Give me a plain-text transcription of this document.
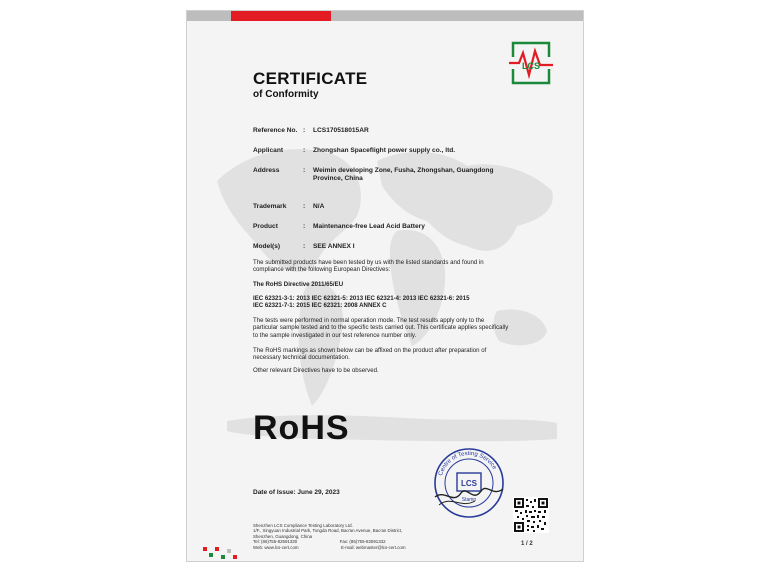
LCS
CERTIFICATE
of Conformity
Reference No. : LCS170518015AR
Applicant	: Zhongshan Spaceflight power supply co., ltd.
Address	: Weimin developing Zone, Fusha, Zhongshan, Guangdong
Province, China
Trademark	: N/A
Product	: Maintenance-free Lead Acid Battery
Model(s)	: SEE ANNEX I
The submitted products have been tested by us with the listed standards and found in
compliance with the following European Directives:
The RoHS Directive 2011/65/EU
IEC 62321-3-1: 2013 IEC 62321-5: 2013 IEC 62321-4: 2013 IEC 62321-6: 2015
IEC 62321-7-1: 2015 IEC 62321: 2008 ANNEX C
The tests were performed in normal operation mode. The test results apply only to the
particular sample tested and to the specific tests carried out. This certificate applies specifically
to the sample investigated in our test reference number only.
The RoHS markings as shown below can be affixed on the product after preparation of
necessary technical documentation.
Other relevant Directives have to be observed.
RoHS
Date of Issue: June 29, 2023
Centre of Testing Service
LCS
Stamp
Shenzhen LCS Compliance Testing Laboratory Ltd.
1/F., Xingyuan Industrial Park, Tongda Road, Bao'an Avenue, Bao'an District,
Shenzhen, Guangdong, China
Tel: (86)755-82591330	Fax: (86)755-82591332
Web: www.lcs-cert.com	E-mail: webmaster@lcs-cert.com
1 / 2
